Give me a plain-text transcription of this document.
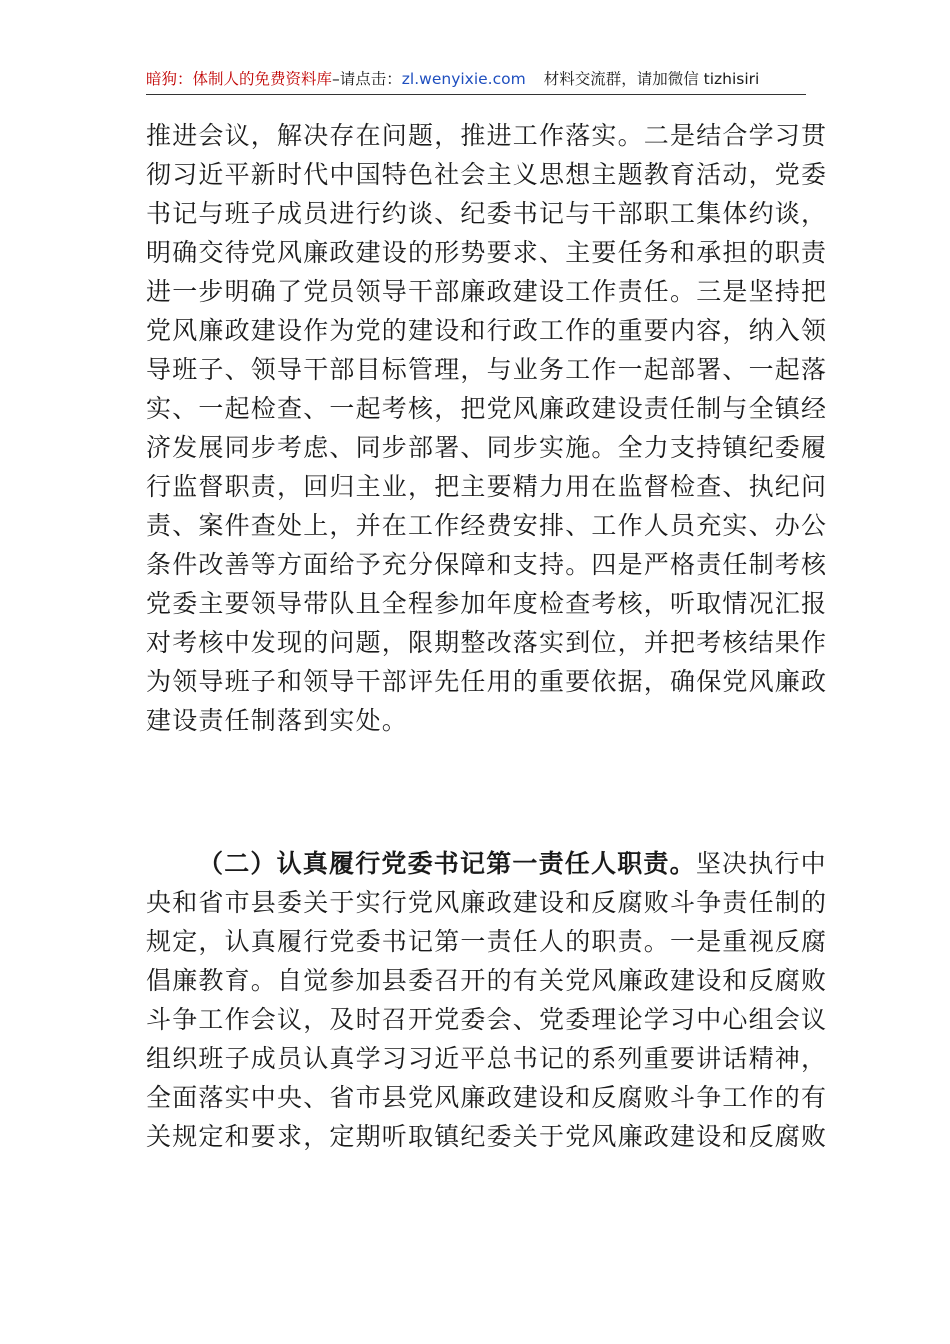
暗狗：体制人的免费资料库–请点击：zl.wenyixie.com 材料交流群，请加微信 tizhisiri
推进会议，解决存在问题，推进工作落实。二是结合学习贯
彻习近平新时代中国特色社会主义思想主题教育活动，党委
书记与班子成员进行约谈、纪委书记与干部职工集体约谈，
明确交待党风廉政建设的形势要求、主要任务和承担的职责
进一步明确了党员领导干部廉政建设工作责任。三是坚持把
党风廉政建设作为党的建设和行政工作的重要内容，纳入领
导班子、领导干部目标管理，与业务工作一起部署、一起落
实、一起检查、一起考核，把党风廉政建设责任制与全镇经
济发展同步考虑、同步部署、同步实施。全力支持镇纪委履
行监督职责，回归主业，把主要精力用在监督检查、执纪问
责、案件查处上，并在工作经费安排、工作人员充实、办公
条件改善等方面给予充分保障和支持。四是严格责任制考核
党委主要领导带队且全程参加年度检查考核，听取情况汇报
对考核中发现的问题，限期整改落实到位，并把考核结果作
为领导班子和领导干部评先任用的重要依据，确保党风廉政
建设责任制落到实处。
（二）认真履行党委书记第一责任人职责。坚决执行中
央和省市县委关于实行党风廉政建设和反腐败斗争责任制的
规定，认真履行党委书记第一责任人的职责。一是重视反腐
倡廉教育。自觉参加县委召开的有关党风廉政建设和反腐败
斗争工作会议，及时召开党委会、党委理论学习中心组会议
组织班子成员认真学习习近平总书记的系列重要讲话精神，
全面落实中央、省市县党风廉政建设和反腐败斗争工作的有
关规定和要求，定期听取镇纪委关于党风廉政建设和反腐败
